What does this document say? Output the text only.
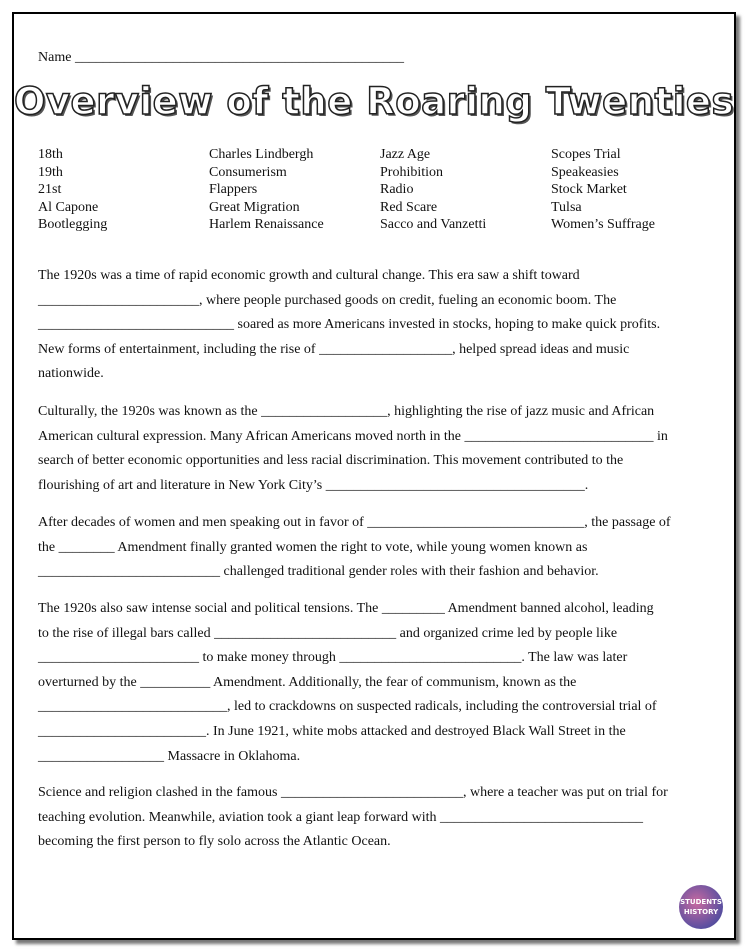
Name _______________________________________________
Overview of the Roaring Twenties
18th
19th
21st
Al Capone
Bootlegging
Charles Lindbergh
Consumerism
Flappers
Great Migration
Harlem Renaissance
Jazz Age
Prohibition
Radio
Red Scare
Sacco and Vanzetti
Scopes Trial
Speakeasies
Stock Market
Tulsa
Women’s Suffrage
The 1920s was a time of rapid economic growth and cultural change. This era saw a shift toward
_______________________, where people purchased goods on credit, fueling an economic boom. The
____________________________ soared as more Americans invested in stocks, hoping to make quick profits.
New forms of entertainment, including the rise of ___________________, helped spread ideas and music
nationwide.
Culturally, the 1920s was known as the __________________, highlighting the rise of jazz music and African
American cultural expression. Many African Americans moved north in the ___________________________ in
search of better economic opportunities and less racial discrimination. This movement contributed to the
flourishing of art and literature in New York City’s _____________________________________.
After decades of women and men speaking out in favor of _______________________________, the passage of
the ________ Amendment finally granted women the right to vote, while young women known as
__________________________ challenged traditional gender roles with their fashion and behavior.
The 1920s also saw intense social and political tensions. The _________ Amendment banned alcohol, leading
to the rise of illegal bars called __________________________ and organized crime led by people like
_______________________ to make money through __________________________. The law was later
overturned by the __________ Amendment. Additionally, the fear of communism, known as the
___________________________, led to crackdowns on suspected radicals, including the controversial trial of
________________________. In June 1921, white mobs attacked and destroyed Black Wall Street in the
__________________ Massacre in Oklahoma.
Science and religion clashed in the famous __________________________, where a teacher was put on trial for
teaching evolution. Meanwhile, aviation took a giant leap forward with _____________________________
becoming the first person to fly solo across the Atlantic Ocean.
STUDENTS
HISTORY
